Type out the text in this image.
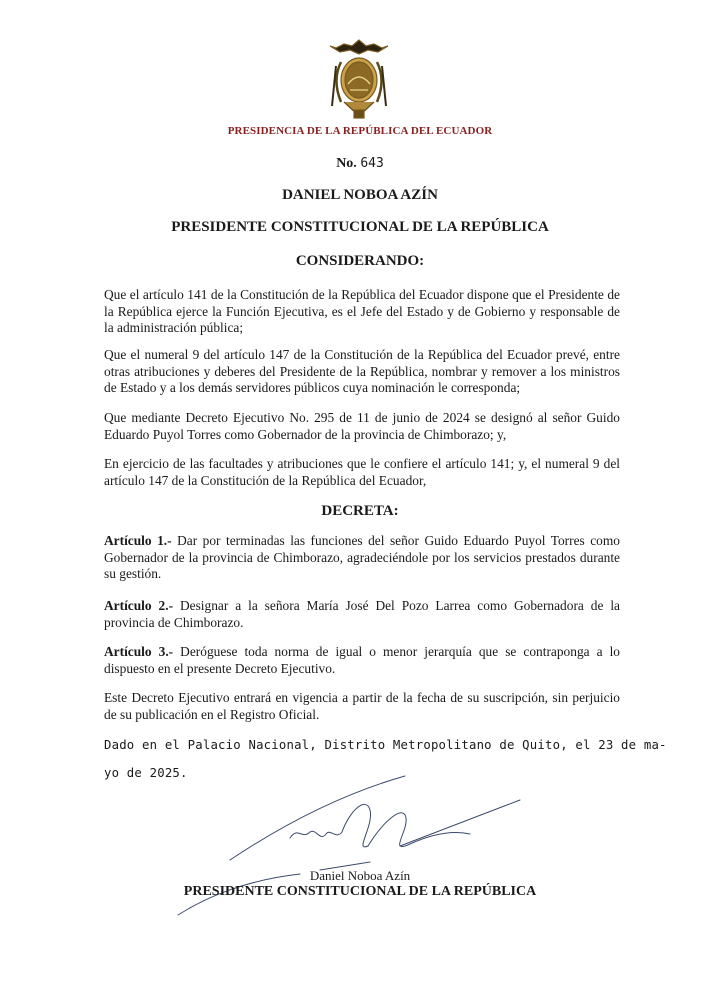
PRESIDENCIA DE LA REPÚBLICA DEL ECUADOR
No. 643
DANIEL NOBOA AZÍN
PRESIDENTE CONSTITUCIONAL DE LA REPÚBLICA
CONSIDERANDO:

Que el artículo 141 de la Constitución de la República del Ecuador dispone que el Presidente de la República ejerce la Función Ejecutiva, es el Jefe del Estado y de Gobierno y responsable de la administración pública;

Que el numeral 9 del artículo 147 de la Constitución de la República del Ecuador prevé, entre otras atribuciones y deberes del Presidente de la República, nombrar y remover a los ministros de Estado y a los demás servidores públicos cuya nominación le corresponda;

Que mediante Decreto Ejecutivo No. 295 de 11 de junio de 2024 se designó al señor Guido Eduardo Puyol Torres como Gobernador de la provincia de Chimborazo; y,

En ejercicio de las facultades y atribuciones que le confiere el artículo 141; y, el numeral 9 del artículo 147 de la Constitución de la República del Ecuador,

DECRETA:

Artículo 1.- Dar por terminadas las funciones del señor Guido Eduardo Puyol Torres como Gobernador de la provincia de Chimborazo, agradeciéndole por los servicios prestados durante su gestión.

Artículo 2.- Designar a la señora María José Del Pozo Larrea como Gobernadora de la provincia de Chimborazo.

Artículo 3.- Deróguese toda norma de igual o menor jerarquía que se contraponga a lo dispuesto en el presente Decreto Ejecutivo.

Este Decreto Ejecutivo entrará en vigencia a partir de la fecha de su suscripción, sin perjuicio de su publicación en el Registro Oficial.

Dado en el Palacio Nacional, Distrito Metropolitano de Quito, el 23 de ma-

yo de 2025.

Daniel Noboa Azín
PRESIDENTE CONSTITUCIONAL DE LA REPÚBLICA
